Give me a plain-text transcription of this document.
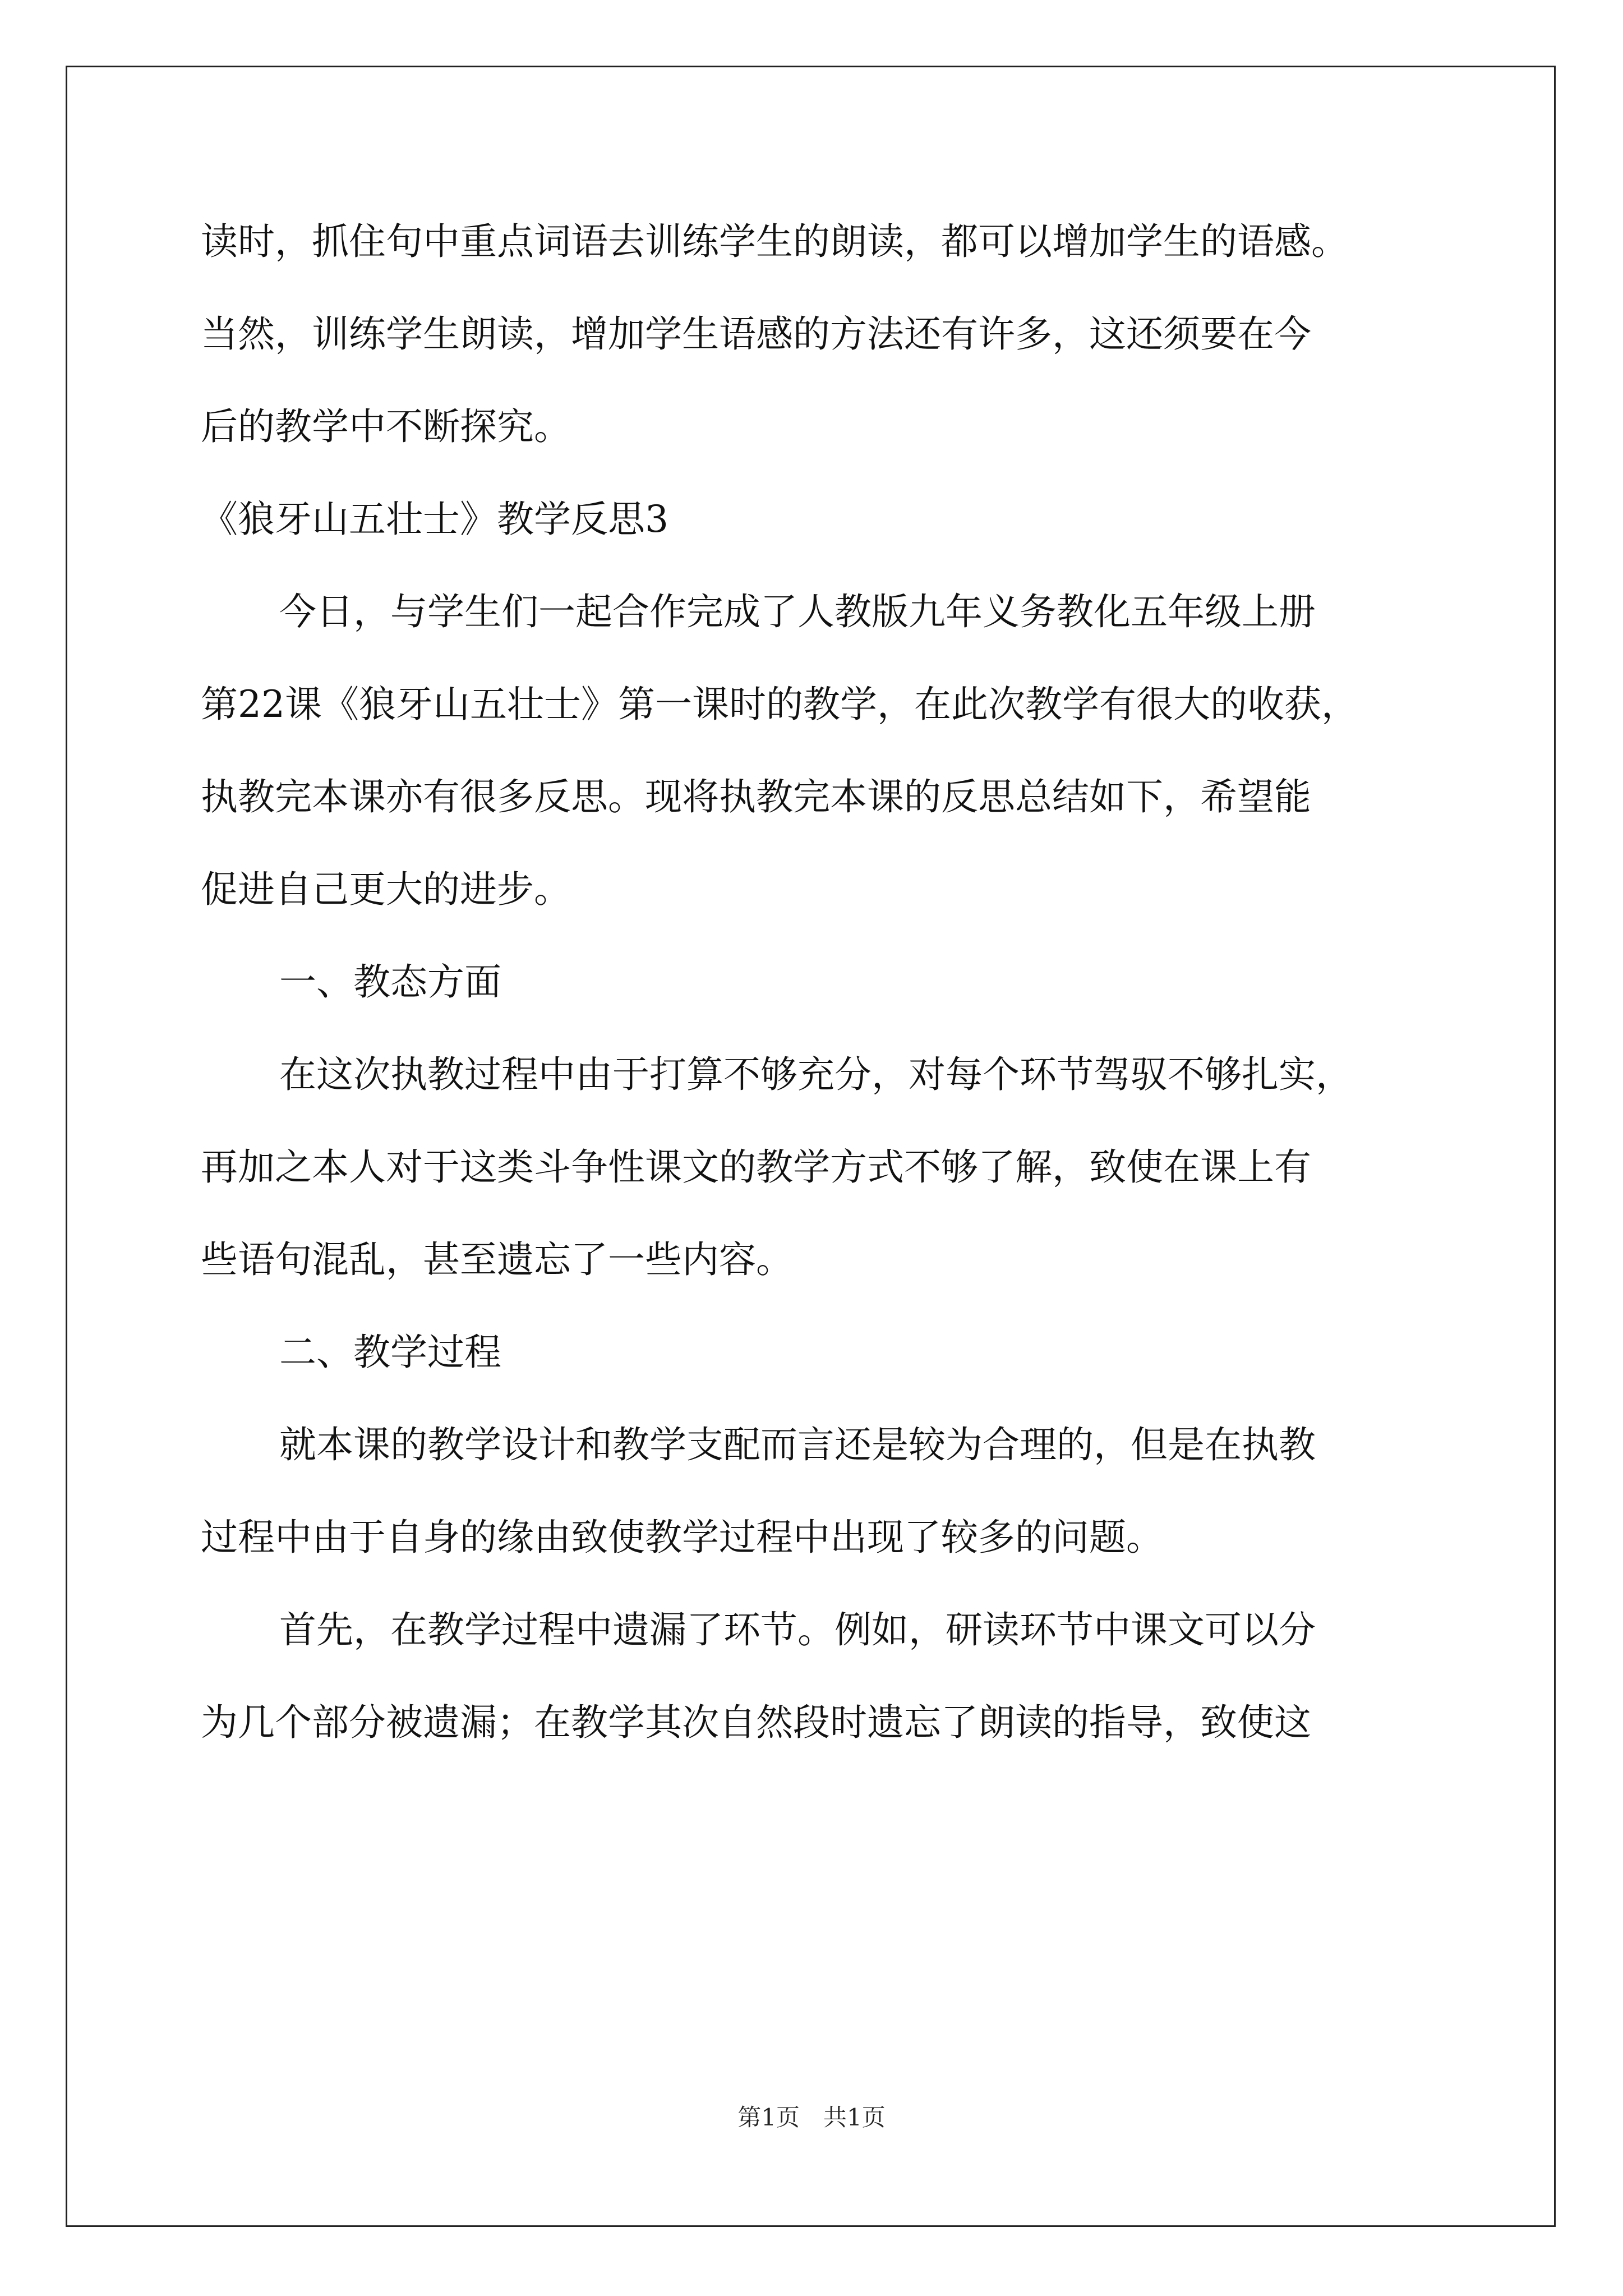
读时，抓住句中重点词语去训练学生的朗读，都可以增加学生的语感。
当然，训练学生朗读，增加学生语感的方法还有许多，这还须要在今
后的教学中不断探究。
《狼牙山五壮士》教学反思3
今日，与学生们一起合作完成了人教版九年义务教化五年级上册
第22课《狼牙山五壮士》第一课时的教学，在此次教学有很大的收获，
执教完本课亦有很多反思。现将执教完本课的反思总结如下，希望能
促进自己更大的进步。
一、教态方面
在这次执教过程中由于打算不够充分，对每个环节驾驭不够扎实，
再加之本人对于这类斗争性课文的教学方式不够了解，致使在课上有
些语句混乱，甚至遗忘了一些内容。
二、教学过程
就本课的教学设计和教学支配而言还是较为合理的，但是在执教
过程中由于自身的缘由致使教学过程中出现了较多的问题。
首先，在教学过程中遗漏了环节。例如，研读环节中课文可以分
为几个部分被遗漏；在教学其次自然段时遗忘了朗读的指导，致使这
第1页　共1页
